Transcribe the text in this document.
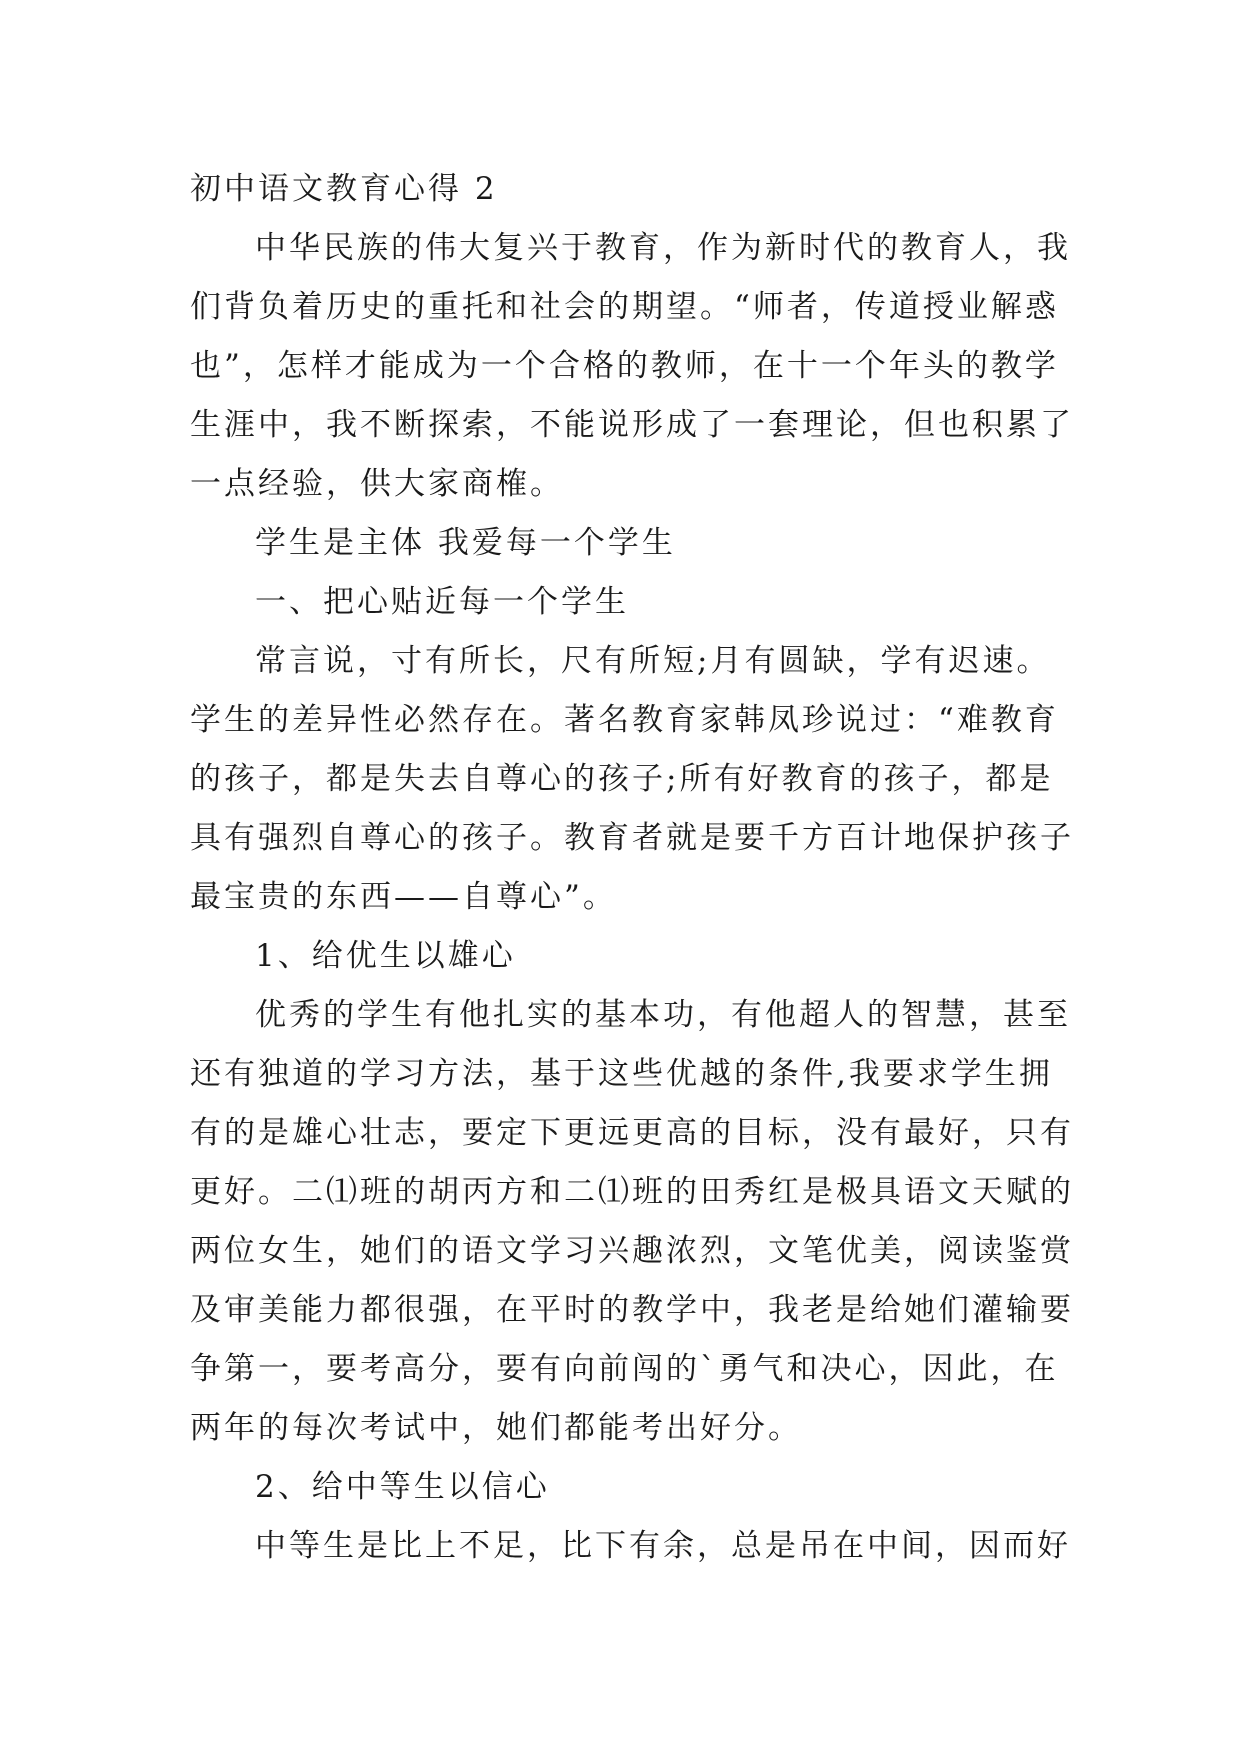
初中语文教育心得 2
中华民族的伟大复兴于教育，作为新时代的教育人，我
们背负着历史的重托和社会的期望。“师者，传道授业解惑
也”，怎样才能成为一个合格的教师，在十一个年头的教学
生涯中，我不断探索，不能说形成了一套理论，但也积累了
一点经验，供大家商榷。
学生是主体 我爱每一个学生
一、把心贴近每一个学生
常言说，寸有所长，尺有所短;月有圆缺，学有迟速。
学生的差异性必然存在。著名教育家韩凤珍说过：“难教育
的孩子，都是失去自尊心的孩子;所有好教育的孩子，都是
具有强烈自尊心的孩子。教育者就是要千方百计地保护孩子
最宝贵的东西——自尊心”。
1、给优生以雄心
优秀的学生有他扎实的基本功，有他超人的智慧，甚至
还有独道的学习方法，基于这些优越的条件,我要求学生拥
有的是雄心壮志，要定下更远更高的目标，没有最好，只有
更好。二⑴班的胡丙方和二⑴班的田秀红是极具语文天赋的
两位女生，她们的语文学习兴趣浓烈，文笔优美，阅读鉴赏
及审美能力都很强，在平时的教学中，我老是给她们灌输要
争第一，要考高分，要有向前闯的`勇气和决心，因此，在
两年的每次考试中，她们都能考出好分。
2、给中等生以信心
中等生是比上不足，比下有余，总是吊在中间，因而好
